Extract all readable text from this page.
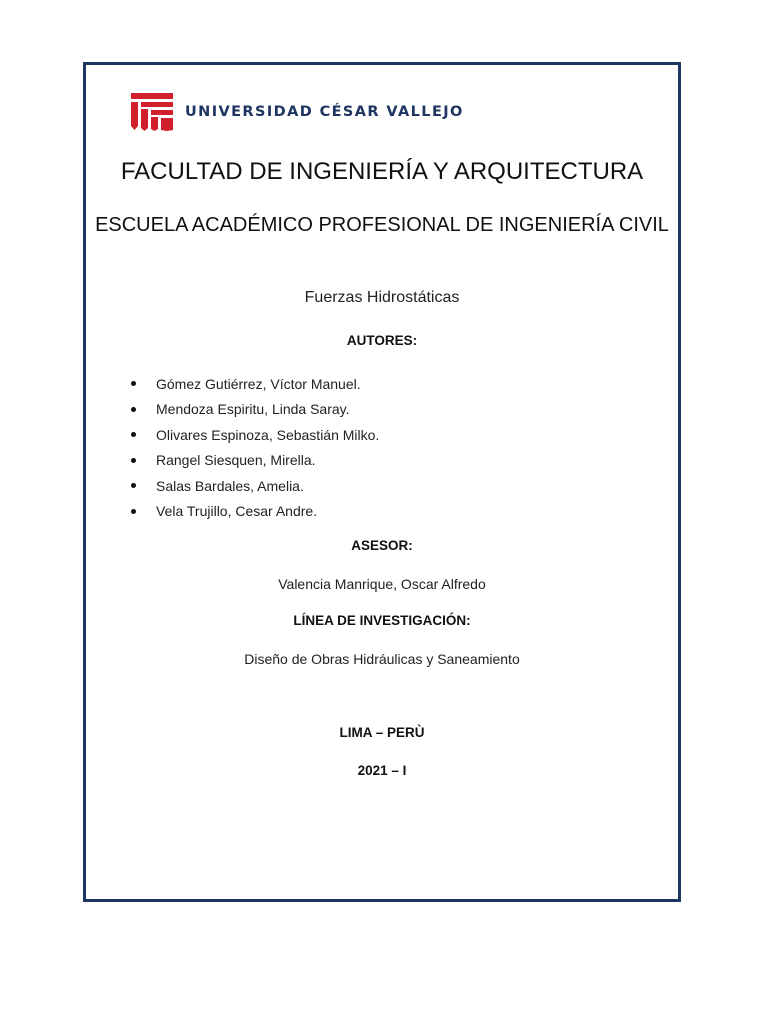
UNIVERSIDAD CÉSAR VALLEJO
FACULTAD DE INGENIERÍA Y ARQUITECTURA
ESCUELA ACADÉMICO PROFESIONAL DE INGENIERÍA CIVIL
Fuerzas Hidrostáticas
AUTORES:
Gómez Gutiérrez, Víctor Manuel.
Mendoza Espiritu, Linda Saray.
Olivares Espinoza, Sebastián Milko.
Rangel Siesquen, Mirella.
Salas Bardales, Amelia.
Vela Trujillo, Cesar Andre.
ASESOR:
Valencia Manrique, Oscar Alfredo
LÍNEA DE INVESTIGACIÓN:
Diseño de Obras Hidráulicas y Saneamiento
LIMA – PERÙ
2021 – I
